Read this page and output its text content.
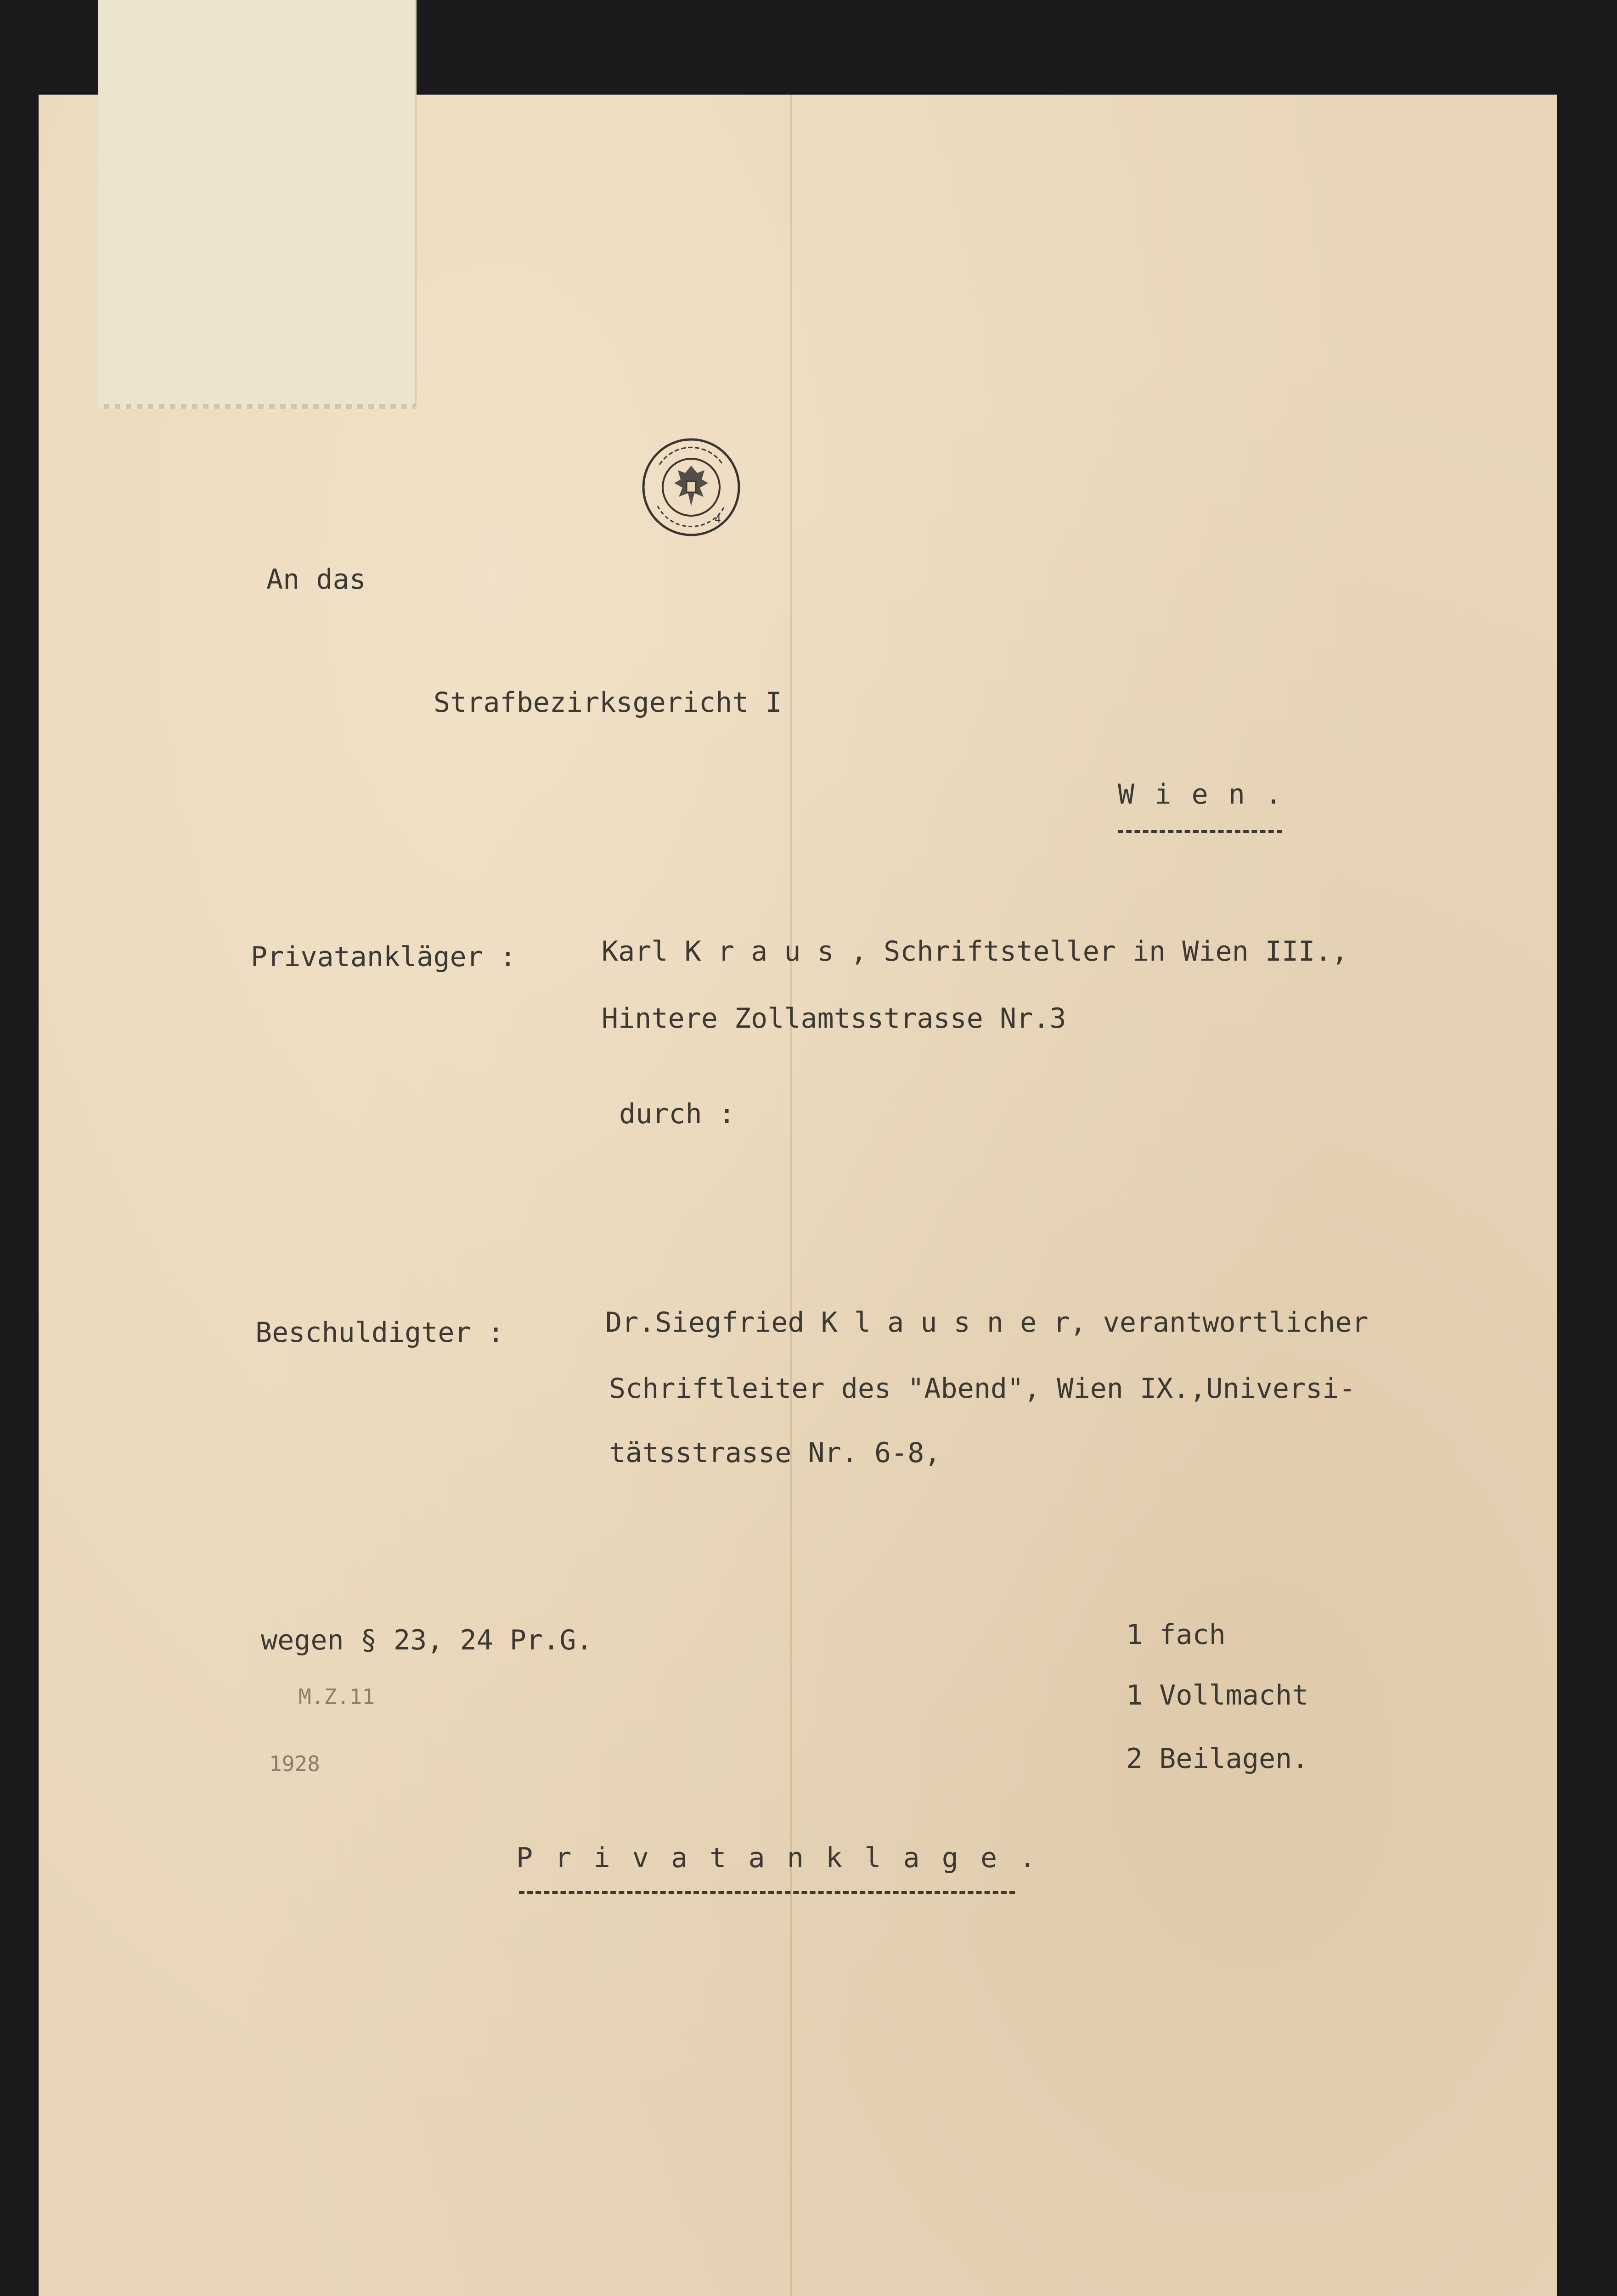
4
An das
Strafbezirksgericht I
W i e n .
Privatankläger :	Karl K r a u s , Schriftsteller in Wien III.,
Hintere Zollamtsstrasse Nr.3
durch :
Beschuldigter :	Dr.Siegfried K l a u s n e r, verantwortlicher
Schriftleiter des "Abend", Wien IX.,Universi-
tätsstrasse Nr. 6-8,
wegen § 23, 24 Pr.G.
M.Z.11
1928
1 fach
1 Vollmacht
2 Beilagen.
P r i v a t a n k l a g e .
